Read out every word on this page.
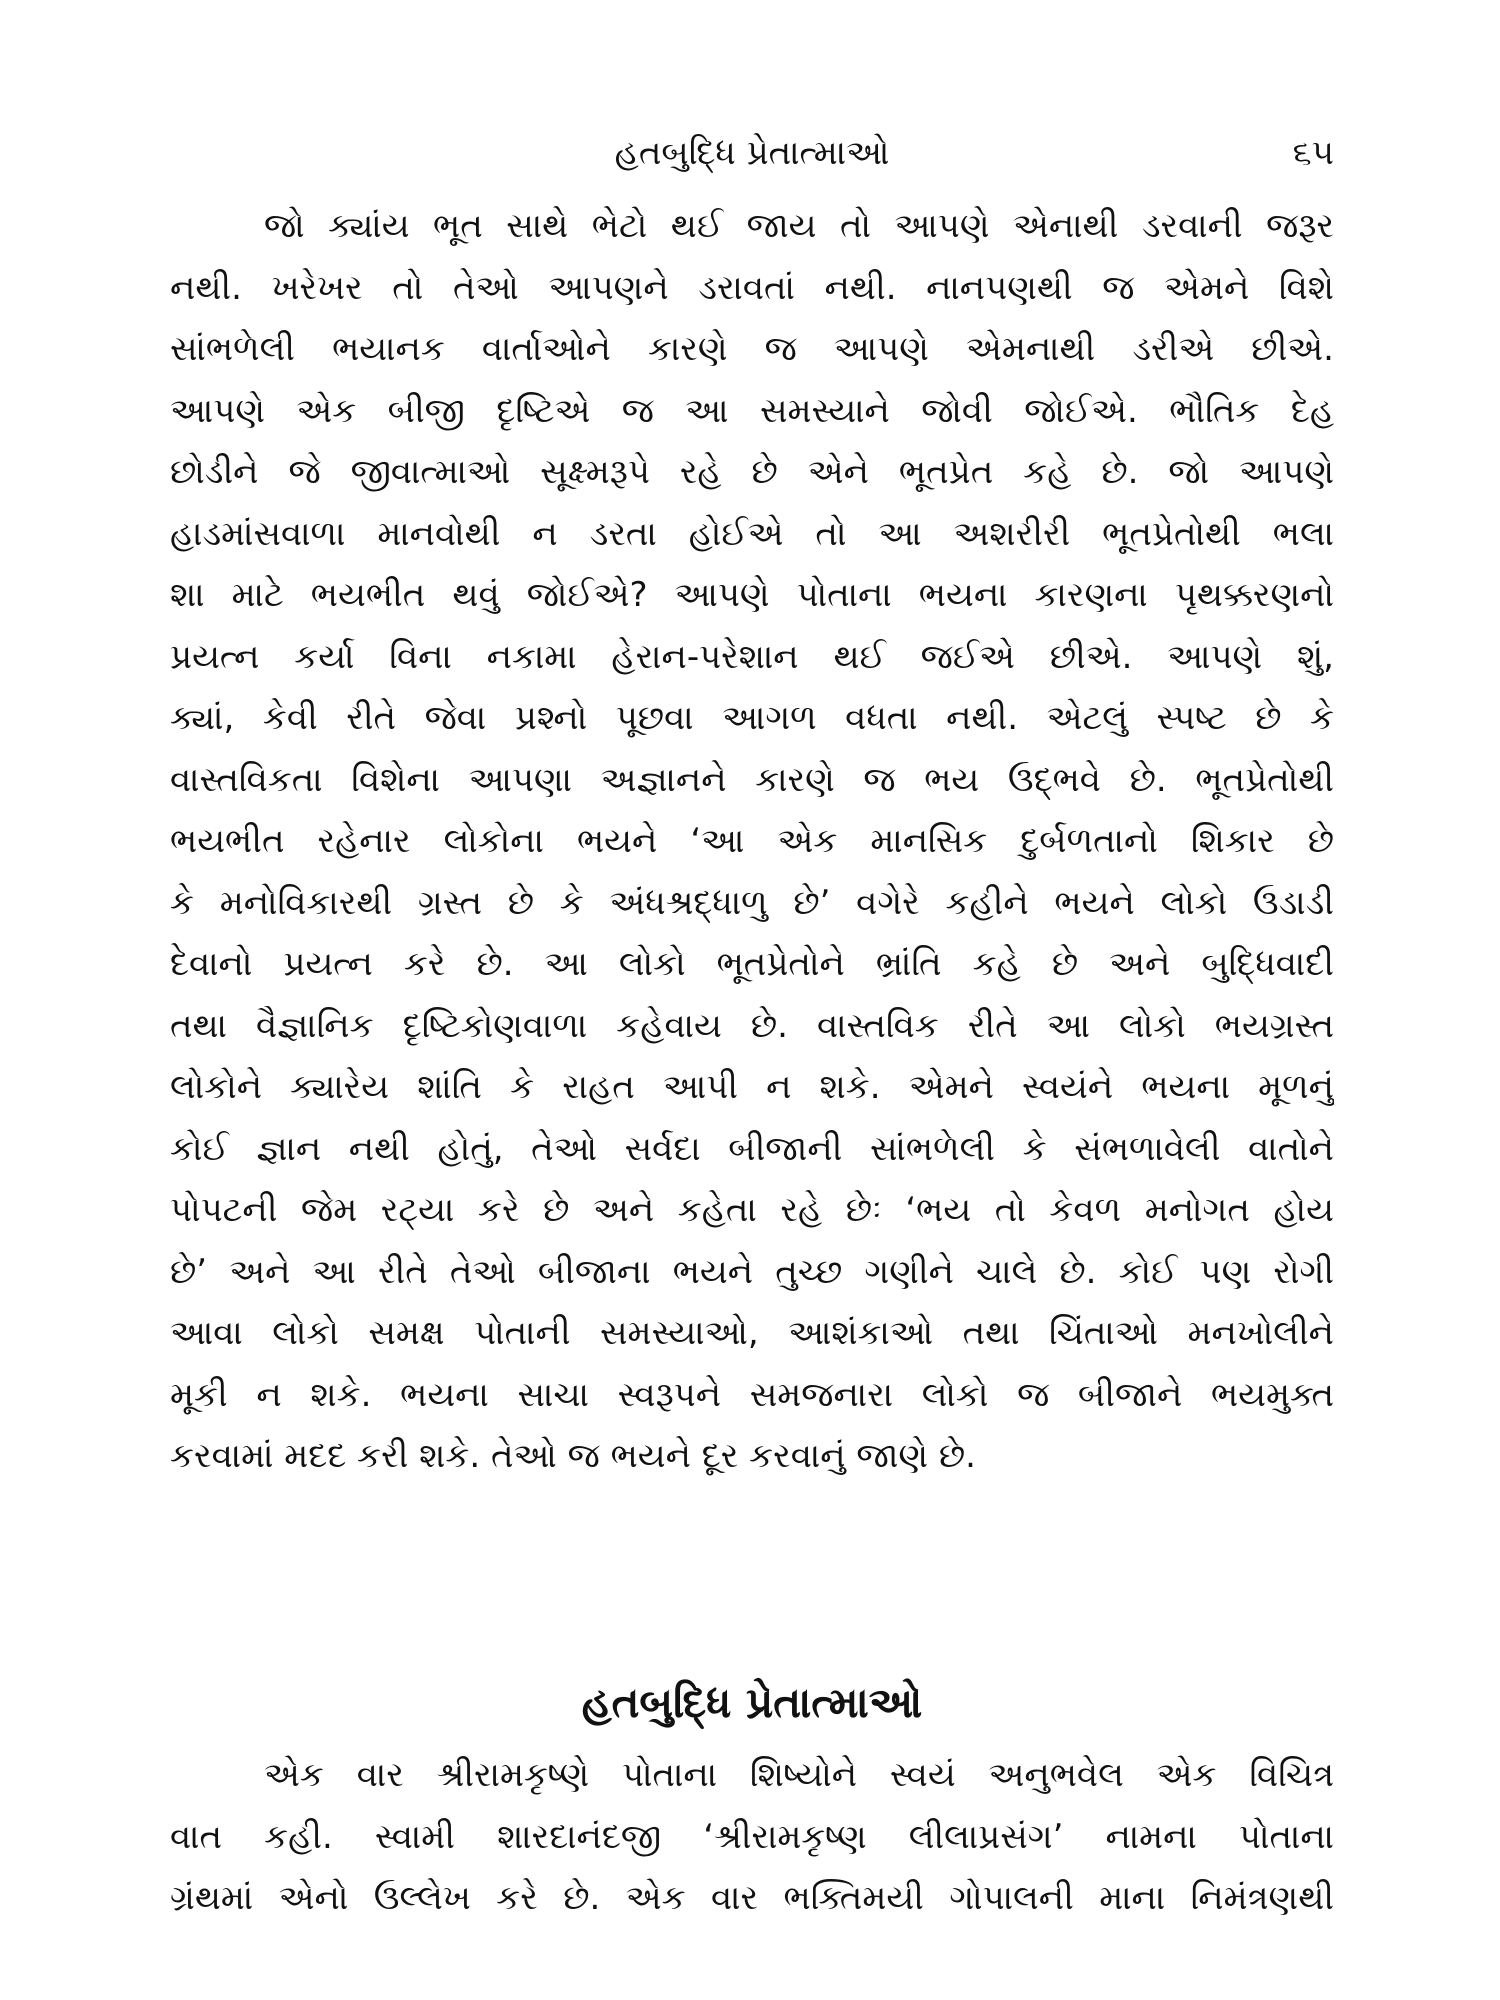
હતબુદ્ધિ પ્રેતાત્માઓ	૬૫
જો ક્યાંય ભૂત સાથે ભેટો થઈ જાય તો આપણે એનાથી ડરવાની જરૂર
નથી. ખરેખર તો તેઓ આપણને ડરાવતાં નથી. નાનપણથી જ એમને વિશે
સાંભળેલી ભયાનક વાર્તાઓને કારણે જ આપણે એમનાથી ડરીએ છીએ.
આપણે એક બીજી દૃષ્ટિએ જ આ સમસ્યાને જોવી જોઈએ. ભૌતિક દેહ
છોડીને જે જીવાત્માઓ સૂક્ષ્મરૂપે રહે છે એને ભૂતપ્રેત કહે છે. જો આપણે
હાડમાંસવાળા માનવોથી ન ડરતા હોઈએ તો આ અશરીરી ભૂતપ્રેતોથી ભલા
શા માટે ભયભીત થવું જોઈએ? આપણે પોતાના ભયના કારણના પૃથક્કરણનો
પ્રયત્ન કર્યા વિના નકામા હેરાન-પરેશાન થઈ જઈએ છીએ. આપણે શું,
ક્યાં, કેવી રીતે જેવા પ્રશ્નો પૂછવા આગળ વધતા નથી. એટલું સ્પષ્ટ છે કે
વાસ્તવિકતા વિશેના આપણા અજ્ઞાનને કારણે જ ભય ઉદ્ભવે છે. ભૂતપ્રેતોથી
ભયભીત રહેનાર લોકોના ભયને ‘આ એક માનસિક દુર્બળતાનો શિકાર છે
કે મનોવિકારથી ગ્રસ્ત છે કે અંધશ્રદ્ધાળુ છે’ વગેરે કહીને ભયને લોકો ઉડાડી
દેવાનો પ્રયત્ન કરે છે. આ લોકો ભૂતપ્રેતોને ભ્રાંતિ કહે છે અને બુદ્ધિવાદી
તથા વૈજ્ઞાનિક દૃષ્ટિકોણવાળા કહેવાય છે. વાસ્તવિક રીતે આ લોકો ભયગ્રસ્ત
લોકોને ક્યારેય શાંતિ કે રાહત આપી ન શકે. એમને સ્વયંને ભયના મૂળનું
કોઈ જ્ઞાન નથી હોતું, તેઓ સર્વદા બીજાની સાંભળેલી કે સંભળાવેલી વાતોને
પોપટની જેમ રટ્યા કરે છે અને કહેતા રહે છેઃ ‘ભય તો કેવળ મનોગત હોય
છે’ અને આ રીતે તેઓ બીજાના ભયને તુચ્છ ગણીને ચાલે છે. કોઈ પણ રોગી
આવા લોકો સમક્ષ પોતાની સમસ્યાઓ, આશંકાઓ તથા ચિંતાઓ મનખોલીને
મૂકી ન શકે. ભયના સાચા સ્વરૂપને સમજનારા લોકો જ બીજાને ભયમુક્ત
કરવામાં મદદ કરી શકે. તેઓ જ ભયને દૂર કરવાનું જાણે છે.
હતબુદ્ધિ પ્રેતાત્માઓ
એક વાર શ્રીરામકૃષ્ણે પોતાના શિષ્યોને સ્વયં અનુભવેલ એક વિચિત્ર
વાત કહી. સ્વામી શારદાનંદજી ‘શ્રીરામકૃષ્ણ લીલાપ્રસંગ’ નામના પોતાના
ગ્રંથમાં એનો ઉલ્લેખ કરે છે. એક વાર ભક્તિમયી ગોપાલની માના નિમંત્રણથી
